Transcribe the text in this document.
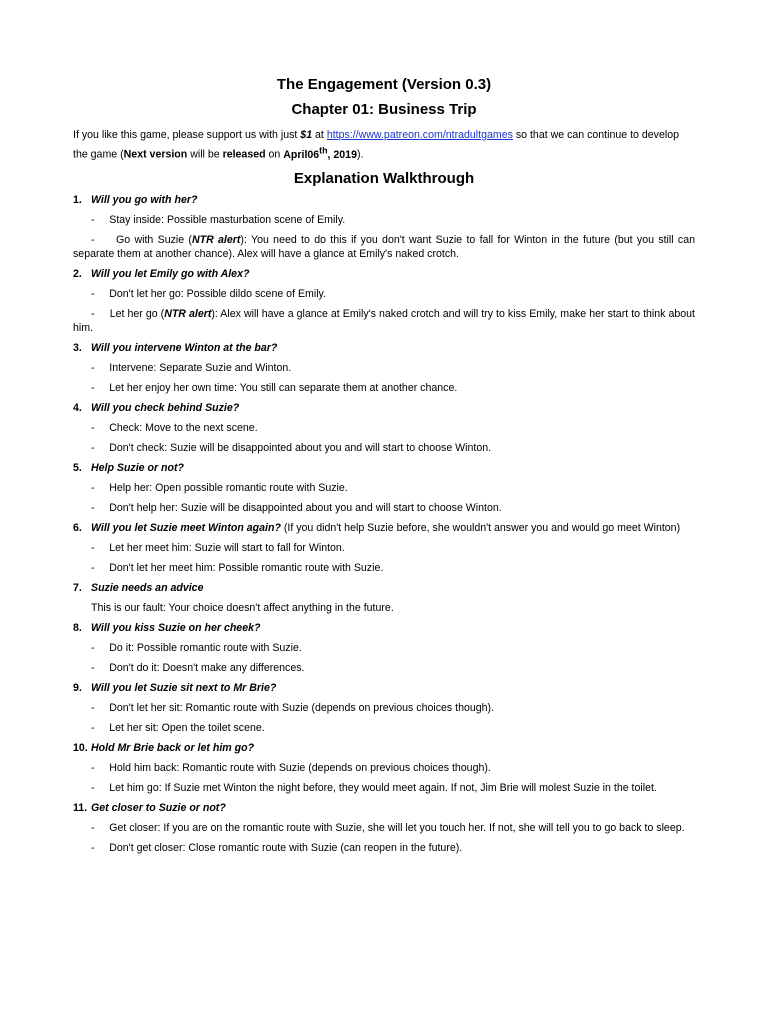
The Engagement (Version 0.3)
Chapter 01: Business Trip

If you like this game, please support us with just $1 at https://www.patreon.com/ntradultgames so that we can continue to develop the game (Next version will be released on April06th, 2019).

Explanation Walkthrough

1. Will you go with her?

-     Stay inside: Possible masturbation scene of Emily.

-     Go with Suzie (NTR alert): You need to do this if you don't want Suzie to fall for Winton in the future (but you still can separate them at another chance). Alex will have a glance at Emily's naked crotch.

2. Will you let Emily go with Alex?

-     Don't let her go: Possible dildo scene of Emily.

-     Let her go (NTR alert): Alex will have a glance at Emily's naked crotch and will try to kiss Emily, make her start to think about him.

3. Will you intervene Winton at the bar?

-     Intervene: Separate Suzie and Winton.

-     Let her enjoy her own time: You still can separate them at another chance.

4. Will you check behind Suzie?

-     Check: Move to the next scene.

-     Don't check: Suzie will be disappointed about you and will start to choose Winton.

5. Help Suzie or not?

-     Help her: Open possible romantic route with Suzie.

-     Don't help her: Suzie will be disappointed about you and will start to choose Winton.

6. Will you let Suzie meet Winton again? (If you didn't help Suzie before, she wouldn't answer you and would go meet Winton)

-     Let her meet him: Suzie will start to fall for Winton.

-     Don't let her meet him: Possible romantic route with Suzie.

7. Suzie needs an advice

This is our fault: Your choice doesn't affect anything in the future.

8. Will you kiss Suzie on her cheek?

-     Do it: Possible romantic route with Suzie.

-     Don't do it: Doesn't make any differences.

9. Will you let Suzie sit next to Mr Brie?

-     Don't let her sit: Romantic route with Suzie (depends on previous choices though).

-     Let her sit: Open the toilet scene.

10. Hold Mr Brie back or let him go?

-     Hold him back: Romantic route with Suzie (depends on previous choices though).

-     Let him go: If Suzie met Winton the night before, they would meet again. If not, Jim Brie will molest Suzie in the toilet.

11. Get closer to Suzie or not?

-     Get closer: If you are on the romantic route with Suzie, she will let you touch her. If not, she will tell you to go back to sleep.

-     Don't get closer: Close romantic route with Suzie (can reopen in the future).
